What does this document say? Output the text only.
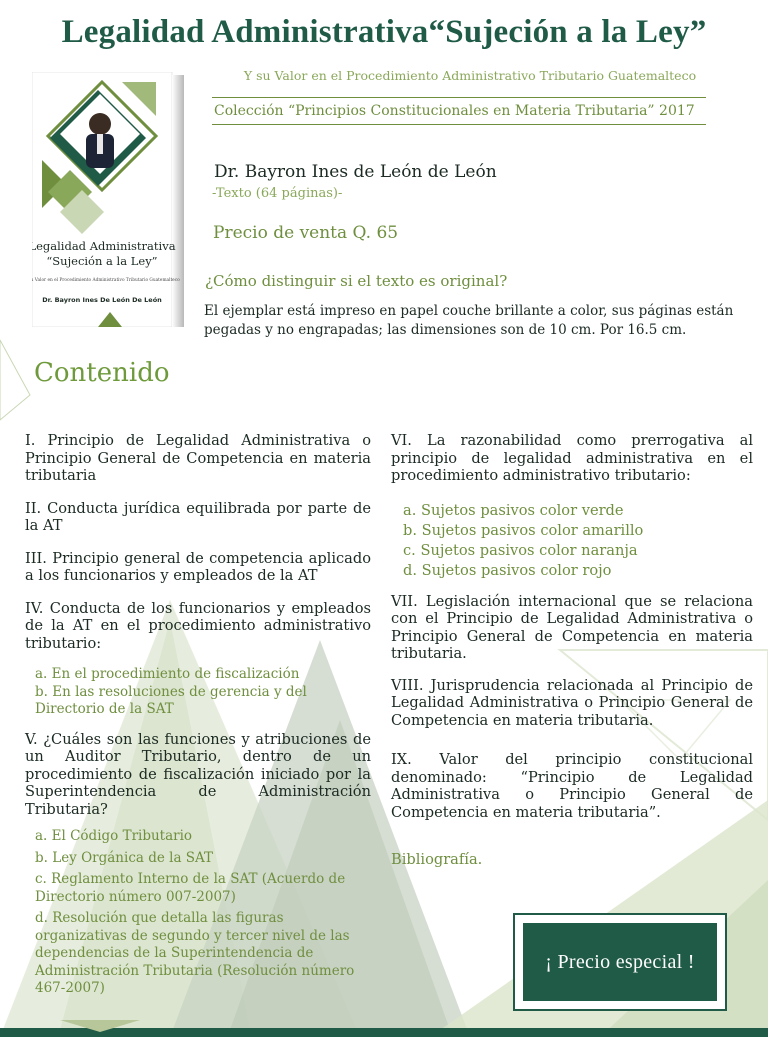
Legalidad Administrativa“Sujeción a la Ley”
Y su Valor en el Procedimiento Administrativo Tributario Guatemalteco
Colección “Principios Constitucionales en Materia Tributaria” 2017
Legalidad Administrativa
“Sujeción a la Ley”
Y su Valor en el Procedimiento Administrativo Tributario Guatemalteco
Dr. Bayron Ines De León De León
Dr. Bayron Ines de León de León
-Texto (64 páginas)-
Precio de venta Q. 65
¿Cómo distinguir si el texto es original?
El ejemplar está impreso en papel couche brillante a color, sus páginas están pegadas y no engrapadas; las dimensiones son de 10 cm. Por 16.5 cm.
Contenido

I. Principio de Legalidad Administrativa o Principio General de Competencia en materia tributaria

II. Conducta jurídica equilibrada por parte de la AT

III. Principio general de competencia aplicado a los funcionarios y empleados de la AT

IV. Conducta de los funcionarios y empleados de la AT en el procedimiento administrativo tributario:

a. En el procedimiento de fiscalización

b. En las resoluciones de gerencia y del Directorio de la SAT

V. ¿Cuáles son las funciones y atribuciones de un Auditor Tributario, dentro de un procedimiento de fiscalización iniciado por la Superintendencia de Administración Tributaria?

a. El Código Tributario

b. Ley Orgánica de la SAT

c. Reglamento Interno de la SAT (Acuerdo de Directorio número 007-2007)

d. Resolución que detalla las figuras organizativas de segundo y tercer nivel de las dependencias de la Superintendencia de Administración Tributaria (Resolución número 467-2007)

VI. La razonabilidad como prerrogativa al principio de legalidad administrativa en el procedimiento administrativo tributario:

a. Sujetos pasivos color verde

b. Sujetos pasivos color amarillo

c. Sujetos pasivos color naranja

d. Sujetos pasivos color rojo

VII. Legislación internacional que se relaciona con el Principio de Legalidad Administrativa o Principio General de Competencia en materia tributaria.

VIII. Jurisprudencia relacionada al Principio de Legalidad Administrativa o Principio General de Competencia en materia tributaria.

IX. Valor del principio constitucional denominado: “Principio de Legalidad Administrativa o Principio General de Competencia en materia tributaria”.

Bibliografía.

¡ Precio especial !
